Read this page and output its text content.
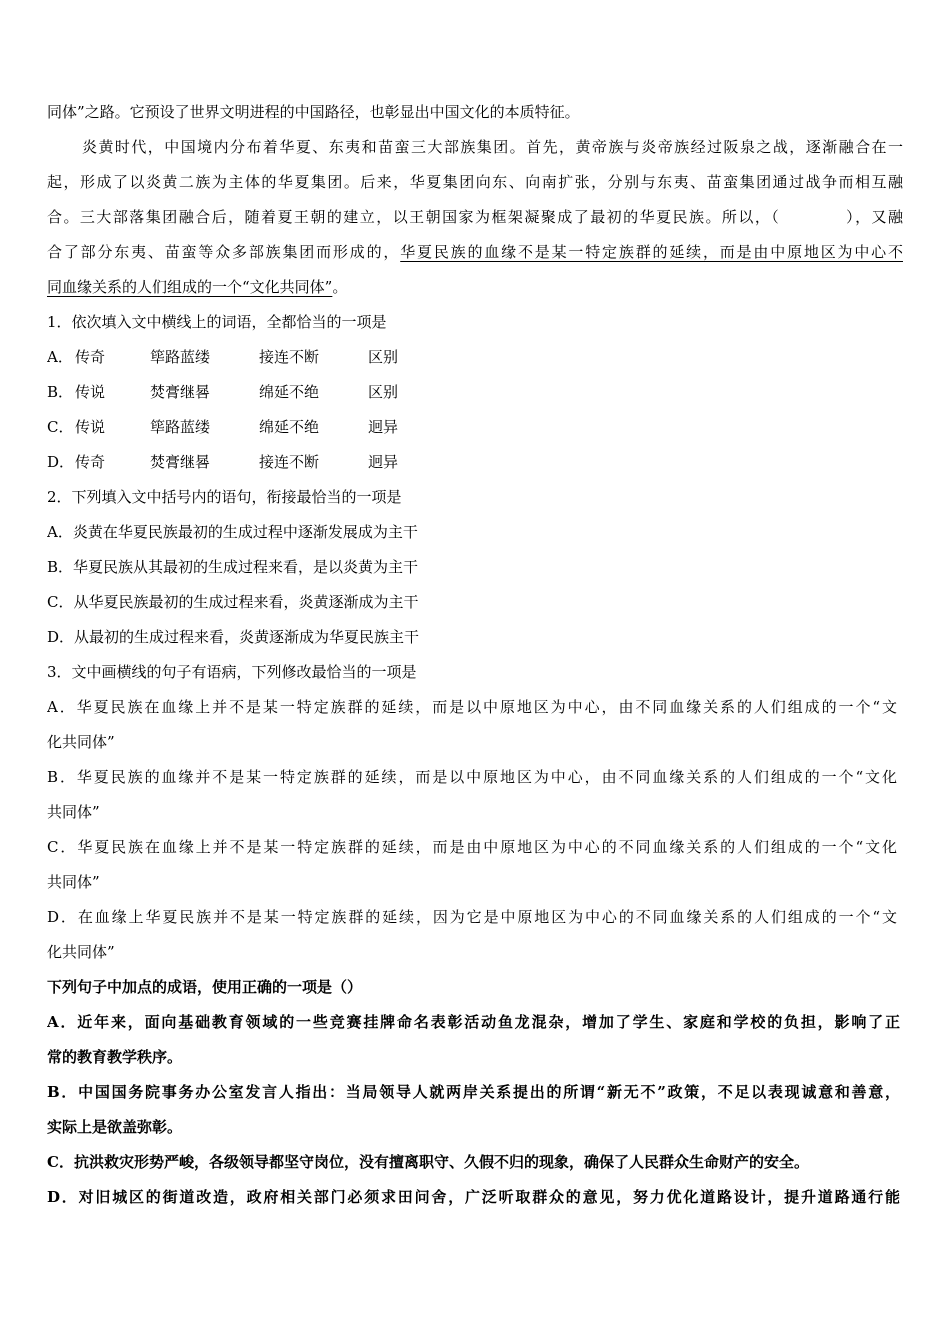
同体”之路。它预设了世界文明进程的中国路径，也彰显出中国文化的本质特征。
炎黄时代，中国境内分布着华夏、东夷和苗蛮三大部族集团。首先，黄帝族与炎帝族经过阪泉之战，逐渐融合在一
起，形成了以炎黄二族为主体的华夏集团。后来，华夏集团向东、向南扩张，分别与东夷、苗蛮集团通过战争而相互融
合。三大部落集团融合后，随着夏王朝的建立，以王朝国家为框架凝聚成了最初的华夏民族。所以，（　　　　），又融
合了部分东夷、苗蛮等众多部族集团而形成的，华夏民族的血缘不是某一特定族群的延续，而是由中原地区为中心不
同血缘关系的人们组成的一个“文化共同体”。
1．依次填入文中横线上的词语，全都恰当的一项是
A． 传奇	筚路蓝缕	接连不断	区别
B． 传说	焚膏继晷	绵延不绝	区别
C． 传说	筚路蓝缕	绵延不绝	迥异
D．传奇	焚膏继晷	接连不断	迥异
2．下列填入文中括号内的语句，衔接最恰当的一项是
A．炎黄在华夏民族最初的生成过程中逐渐发展成为主干
B．华夏民族从其最初的生成过程来看，是以炎黄为主干
C．从华夏民族最初的生成过程来看，炎黄逐渐成为主干
D．从最初的生成过程来看，炎黄逐渐成为华夏民族主干
3．文中画横线的句子有语病，下列修改最恰当的一项是
A．华夏民族在血缘上并不是某一特定族群的延续，而是以中原地区为中心，由不同血缘关系的人们组成的一个“文
化共同体”
B．华夏民族的血缘并不是某一特定族群的延续，而是以中原地区为中心，由不同血缘关系的人们组成的一个“文化
共同体”
C．华夏民族在血缘上并不是某一特定族群的延续，而是由中原地区为中心的不同血缘关系的人们组成的一个“文化
共同体”
D．在血缘上华夏民族并不是某一特定族群的延续，因为它是中原地区为中心的不同血缘关系的人们组成的一个“文
化共同体”
下列句子中加点的成语，使用正确的一项是（）
A．近年来，面向基础教育领域的一些竞赛挂牌命名表彰活动鱼龙混杂，增加了学生、家庭和学校的负担，影响了正
常的教育教学秩序。
B．中国国务院事务办公室发言人指出：当局领导人就两岸关系提出的所谓“新无不”政策，不足以表现诚意和善意，
实际上是欲盖弥彰。
C．抗洪救灾形势严峻，各级领导都坚守岗位，没有擅离职守、久假不归的现象，确保了人民群众生命财产的安全。
D．对旧城区的街道改造，政府相关部门必须求田问舍，广泛听取群众的意见，努力优化道路设计，提升道路通行能
